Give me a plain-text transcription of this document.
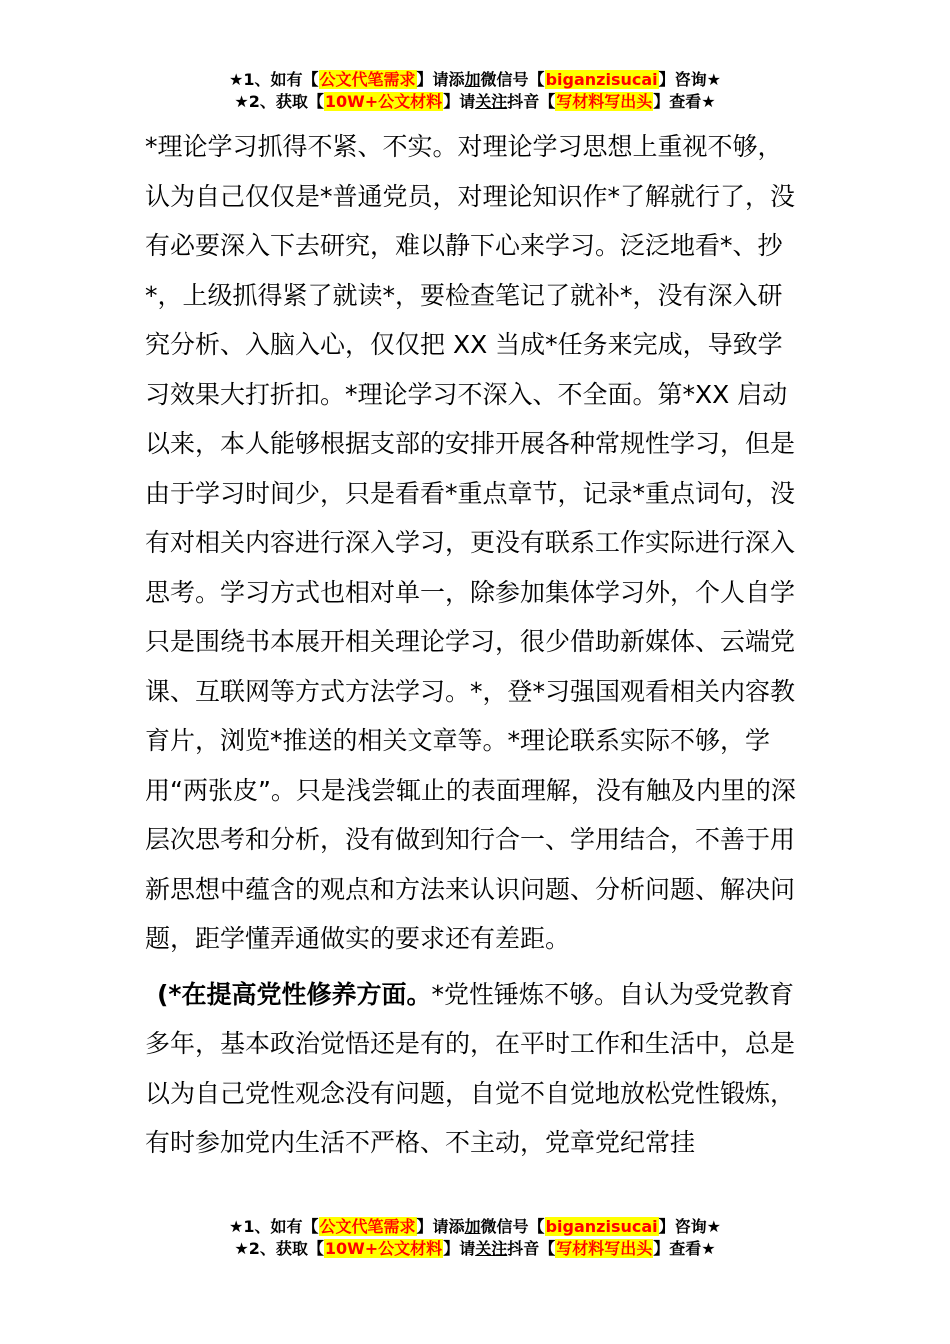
★1、如有【公文代笔需求】请添加微信号【biganzisucai】咨询★
★2、获取【10W+公文材料】请关注抖音【写材料写出头】查看★

*理论学习抓得不紧、不实。对理论学习思想上重视不够，认为自己仅仅是*普通党员，对理论知识作*了解就行了，没有必要深入下去研究，难以静下心来学习。泛泛地看*、抄*，上级抓得紧了就读*，要检查笔记了就补*，没有深入研究分析、入脑入心，仅仅把 XX 当成*任务来完成，导致学习效果大打折扣。*理论学习不深入、不全面。第*XX 启动以来，本人能够根据支部的安排开展各种常规性学习，但是由于学习时间少，只是看看*重点章节，记录*重点词句，没有对相关内容进行深入学习，更没有联系工作实际进行深入思考。学习方式也相对单一，除参加集体学习外，个人自学只是围绕书本展开相关理论学习，很少借助新媒体、云端党课、互联网等方式方法学习。*，登*习强国观看相关内容教育片，浏览*推送的相关文章等。*理论联系实际不够，学用“两张皮”。只是浅尝辄止的表面理解，没有触及内里的深层次思考和分析，没有做到知行合一、学用结合，不善于用新思想中蕴含的观点和方法来认识问题、分析问题、解决问题，距学懂弄通做实的要求还有差距。

(*在提高党性修养方面。*党性锤炼不够。自认为受党教育多年，基本政治觉悟还是有的，在平时工作和生活中，总是以为自己党性观念没有问题，自觉不自觉地放松党性锻炼，有时参加党内生活不严格、不主动，党章党纪常挂

★1、如有【公文代笔需求】请添加微信号【biganzisucai】咨询★
★2、获取【10W+公文材料】请关注抖音【写材料写出头】查看★
